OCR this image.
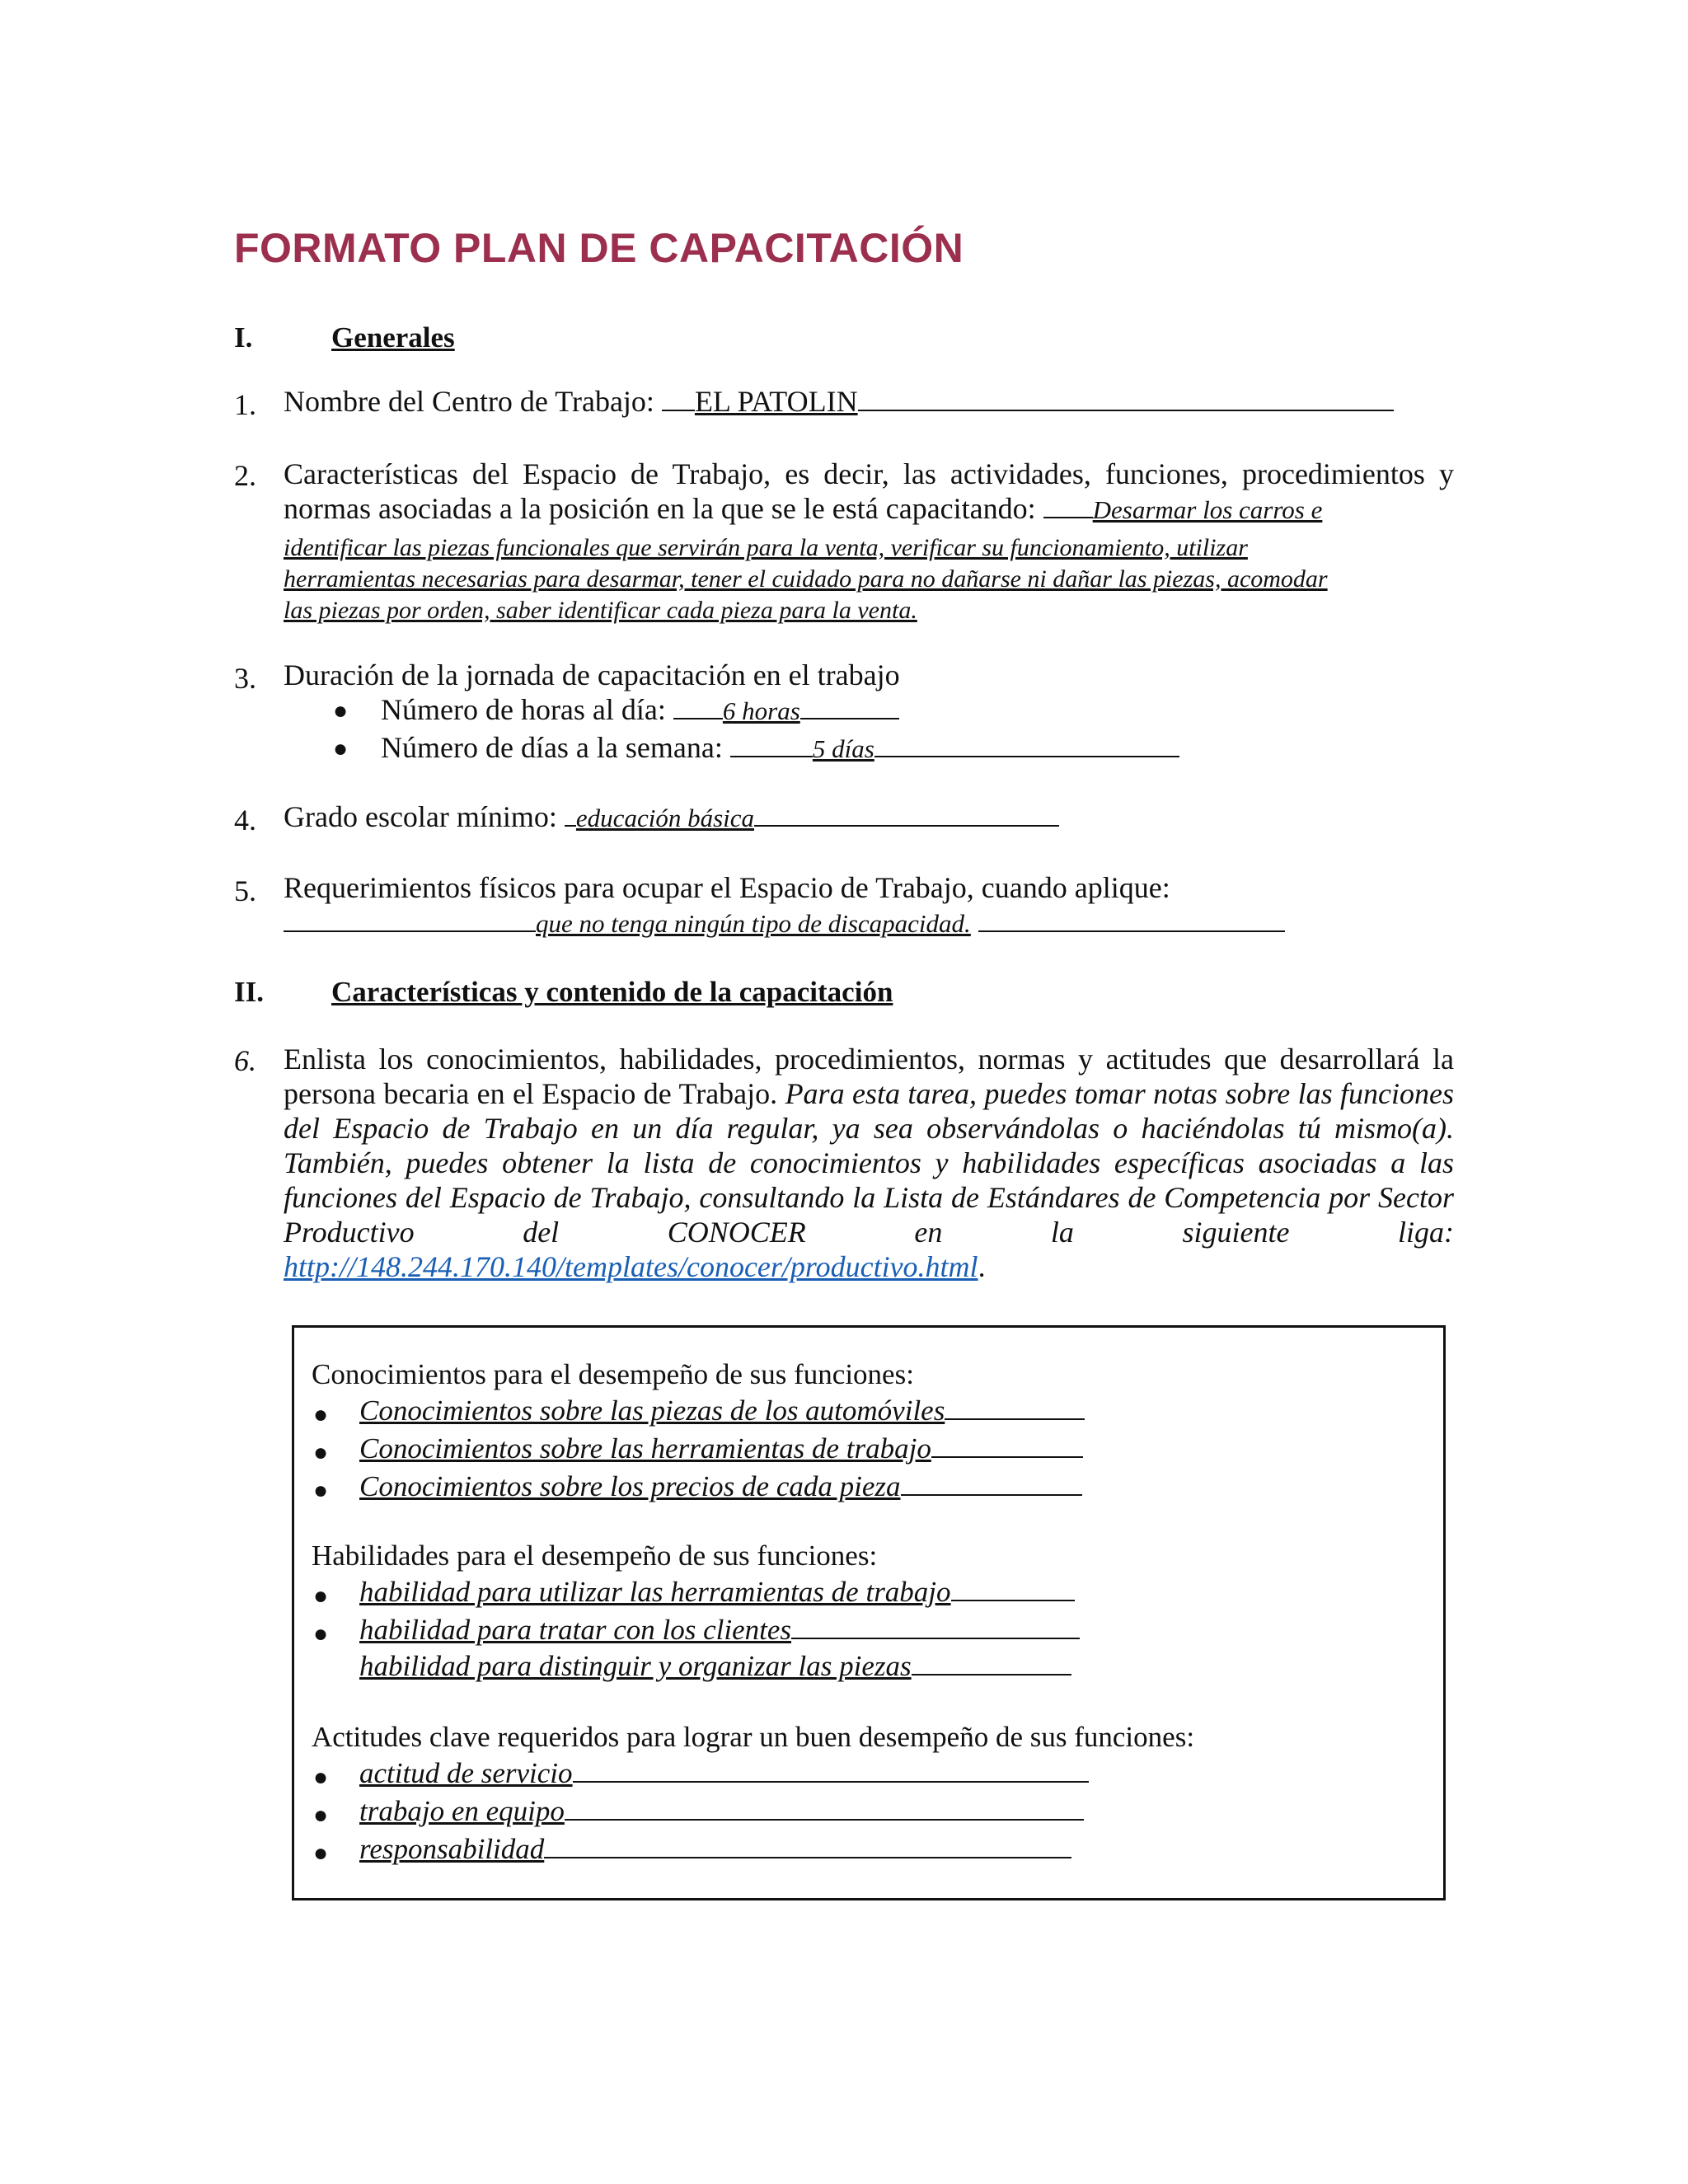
FORMATO PLAN DE CAPACITACIÓN
I.	Generales
1. Nombre del Centro de Trabajo: EL PATOLIN
2. Características del Espacio de Trabajo, es decir, las actividades, funciones, procedimientos y
normas asociadas a la posición en la que se le está capacitando: Desarmar los carros e
identificar las piezas funcionales que servirán para la venta, verificar su funcionamiento, utilizar
herramientas necesarias para desarmar, tener el cuidado para no dañarse ni dañar las piezas, acomodar
las piezas por orden, saber identificar cada pieza para la venta.
3. Duración de la jornada de capacitación en el trabajo
● Número de horas al día: 6 horas
● Número de días a la semana:	5 días
4. Grado escolar mínimo: educación básica
5. Requerimientos físicos para ocupar el Espacio de Trabajo, cuando aplique:
que no tenga ningún tipo de discapacidad.
II. Características y contenido de la capacitación
6. Enlista los conocimientos, habilidades, procedimientos, normas y actitudes que desarrollará la
persona becaria en el Espacio de Trabajo. Para esta tarea, puedes tomar notas sobre las funciones
del Espacio de Trabajo en un día regular, ya sea observándolas o haciéndolas tú mismo(a).
También, puedes obtener la lista de conocimientos y habilidades específicas asociadas a las
funciones del Espacio de Trabajo, consultando la Lista de Estándares de Competencia por Sector
Productivo del CONOCER en la siguiente liga:
http://148.244.170.140/templates/conocer/productivo.html.
Conocimientos para el desempeño de sus funciones:
● Conocimientos sobre las piezas de los automóviles
● Conocimientos sobre las herramientas de trabajo
● Conocimientos sobre los precios de cada pieza
Habilidades para el desempeño de sus funciones:
● habilidad para utilizar las herramientas de trabajo
● habilidad para tratar con los clientes
habilidad para distinguir y organizar las piezas
Actitudes clave requeridos para lograr un buen desempeño de sus funciones:
● actitud de servicio
● trabajo en equipo
● responsabilidad
